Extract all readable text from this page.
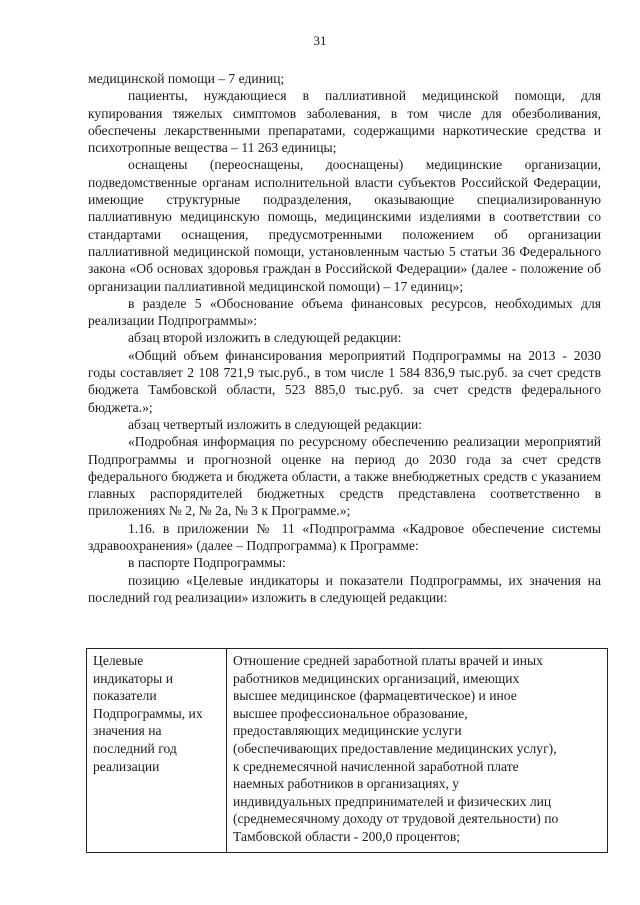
31

медицинской помощи – 7 единиц;

пациенты, нуждающиеся в паллиативной медицинской помощи, для купирования тяжелых симптомов заболевания, в том числе для обезболивания, обеспечены лекарственными препаратами, содержащими наркотические средства и психотропные вещества – 11 263 единицы;

оснащены (переоснащены, дооснащены) медицинские организации, подведомственные органам исполнительной власти субъектов Российской Федерации, имеющие структурные подразделения, оказывающие специализированную паллиативную медицинскую помощь, медицинскими изделиями в соответствии со стандартами оснащения, предусмотренными положением об организации паллиативной медицинской помощи, установленным частью 5 статьи 36 Федерального закона «Об основах здоровья граждан в Российской Федерации» (далее - положение об организации паллиативной медицинской помощи) – 17 единиц»;

в разделе 5 «Обоснование объема финансовых ресурсов, необходимых для реализации Подпрограммы»:

абзац второй изложить в следующей редакции:

«Общий объем финансирования мероприятий Подпрограммы на 2013 - 2030 годы составляет 2 108 721,9 тыс.руб., в том числе 1 584 836,9 тыс.руб. за счет средств бюджета Тамбовской области, 523 885,0 тыс.руб. за счет средств федерального бюджета.»;

абзац четвертый изложить в следующей редакции:

«Подробная информация по ресурсному обеспечению реализации мероприятий Подпрограммы и прогнозной оценке на период до 2030 года за счет средств федерального бюджета и бюджета области, а также внебюджетных средств с указанием главных распорядителей бюджетных средств представлена соответственно в приложениях № 2, № 2а, № 3 к Программе.»;

1.16. в приложении № 11 «Подпрограмма «Кадровое обеспечение системы здравоохранения» (далее – Подпрограмма) к Программе:

в паспорте Подпрограммы:

позицию «Целевые индикаторы и показатели Подпрограммы, их значения на последний год реализации» изложить в следующей редакции:

Целевые
индикаторы и
показатели
Подпрограммы, их
значения на
последний год
реализации
Отношение средней заработной платы врачей и иных
работников медицинских организаций, имеющих
высшее медицинское (фармацевтическое) и иное
высшее профессиональное образование,
предоставляющих медицинские услуги
(обеспечивающих предоставление медицинских услуг),
к среднемесячной начисленной заработной плате
наемных работников в организациях, у
индивидуальных предпринимателей и физических лиц
(среднемесячному доходу от трудовой деятельности) по
Тамбовской области - 200,0 процентов;
